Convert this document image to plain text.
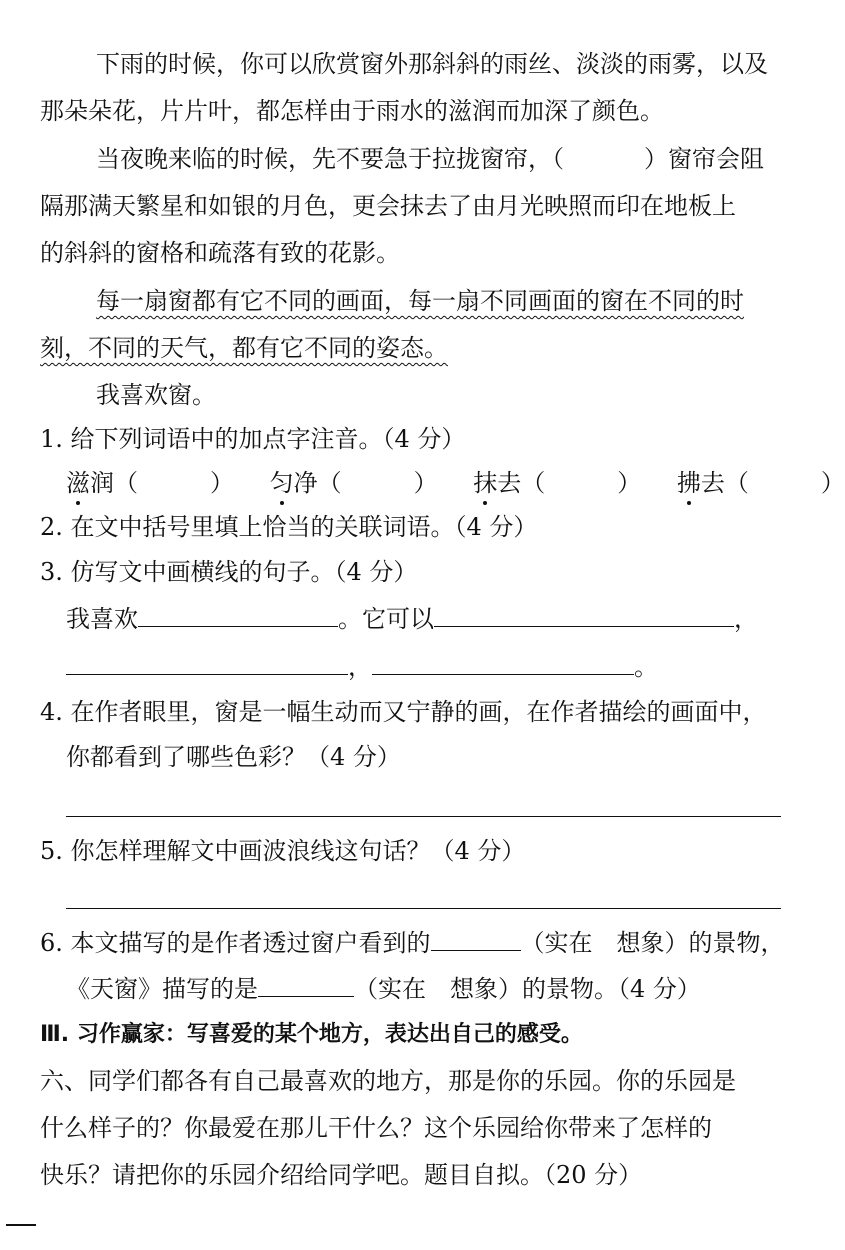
下雨的时候，你可以欣赏窗外那斜斜的雨丝、淡淡的雨雾，以及
那朵朵花，片片叶，都怎样由于雨水的滋润而加深了颜色。
当夜晚来临的时候，先不要急于拉拢窗帘，（	）窗帘会阻
隔那满天繁星和如银的月色，更会抹去了由月光映照而印在地板上
的斜斜的窗格和疏落有致的花影。
每一扇窗都有它不同的画面，每一扇不同画面的窗在不同的时
刻，不同的天气，都有它不同的姿态。
我喜欢窗。
1. 给下列词语中的加点字注音。（4 分）
滋润（	） 匀净（	） 抹去（	） 拂去（	）
2. 在文中括号里填上恰当的关联词语。（4 分）
3. 仿写文中画横线的句子。（4 分）
我喜欢	。它可以	，
，	。
4. 在作者眼里，窗是一幅生动而又宁静的画，在作者描绘的画面中，
你都看到了哪些色彩？（4 分）
5. 你怎样理解文中画波浪线这句话？（4 分）
6. 本文描写的是作者透过窗户看到的	（实在　想象）的景物，
《天窗》描写的是	（实在　想象）的景物。（4 分）
Ⅲ. 习作赢家：写喜爱的某个地方，表达出自己的感受。
六、同学们都各有自己最喜欢的地方，那是你的乐园。你的乐园是
什么样子的？你最爱在那儿干什么？这个乐园给你带来了怎样的
快乐？请把你的乐园介绍给同学吧。题目自拟。（20 分）
